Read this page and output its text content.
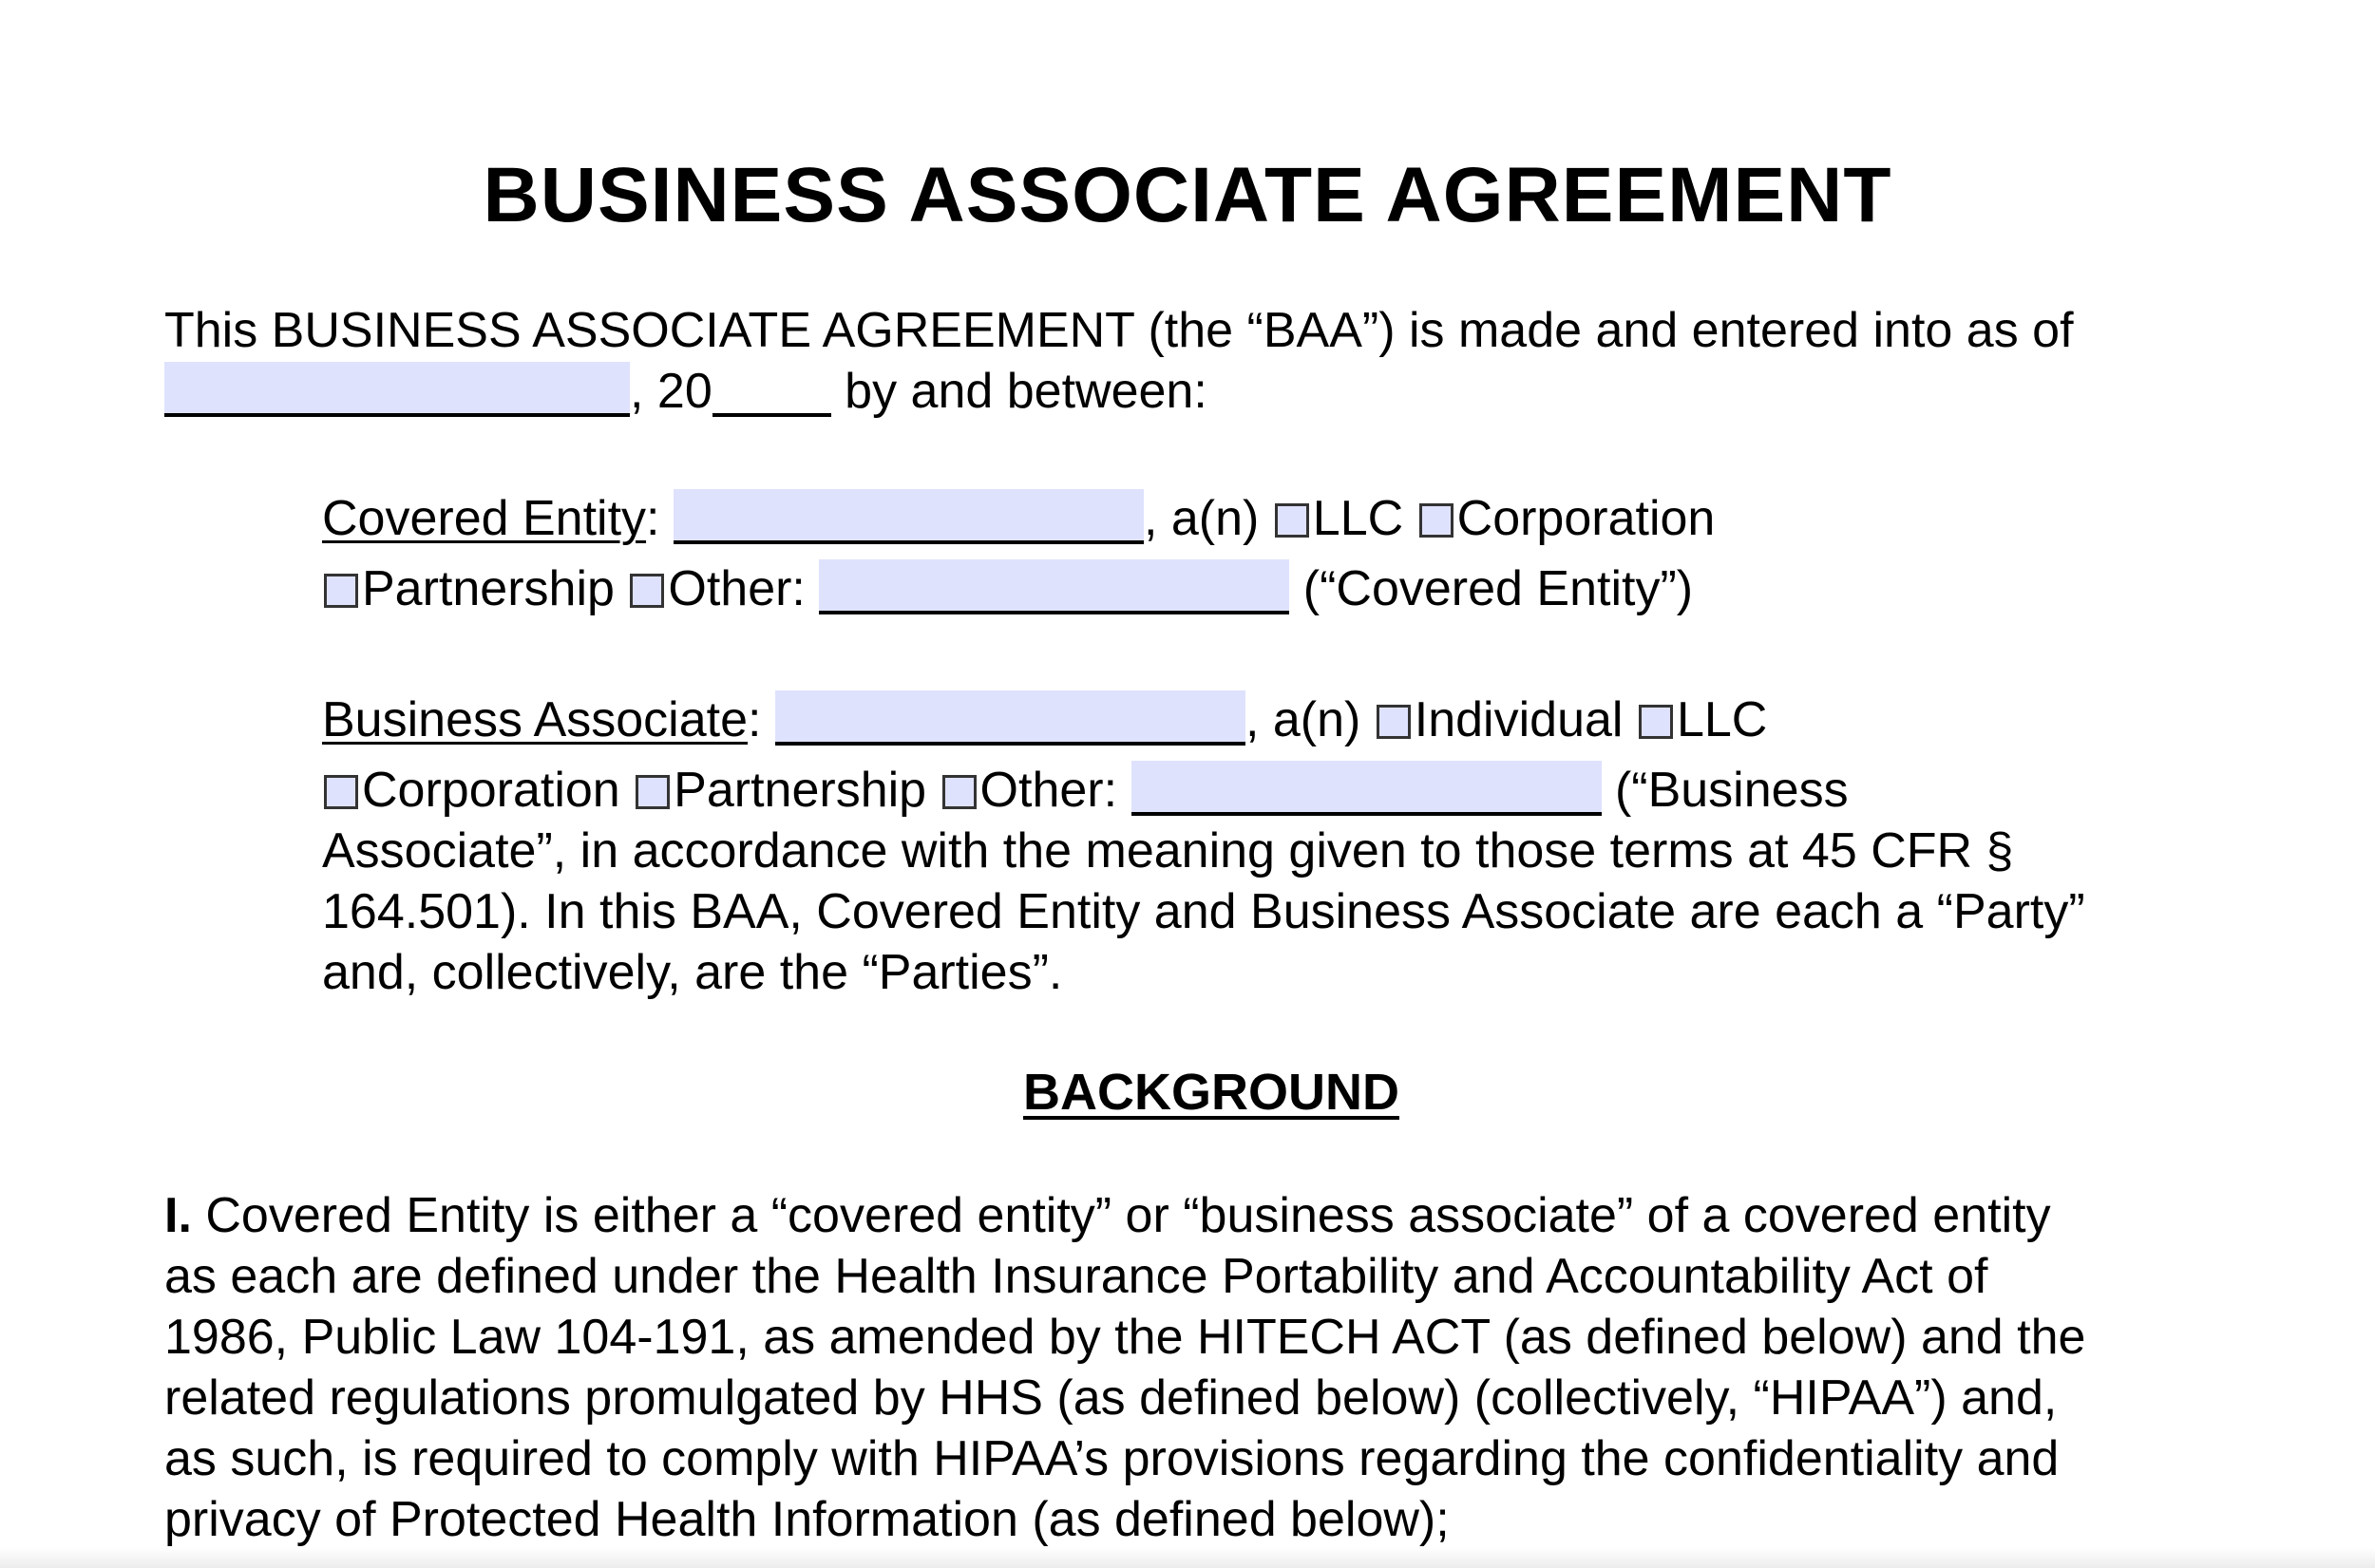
BUSINESS ASSOCIATE AGREEMENT
This BUSINESS ASSOCIATE AGREEMENT (the “BAA”) is made and entered into as of
, 20 by and between:
Covered Entity:	, a(n) LLC Corporation
Partnership Other:	(“Covered Entity”)
Business Associate:	, a(n) Individual LLC
Corporation Partnership Other:	(“Business
Associate”, in accordance with the meaning given to those terms at 45 CFR §
164.501). In this BAA, Covered Entity and Business Associate are each a “Party”
and, collectively, are the “Parties”.
BACKGROUND
I. Covered Entity is either a “covered entity” or “business associate” of a covered entity
as each are defined under the Health Insurance Portability and Accountability Act of
1986, Public Law 104-191, as amended by the HITECH ACT (as defined below) and the
related regulations promulgated by HHS (as defined below) (collectively, “HIPAA”) and,
as such, is required to comply with HIPAA’s provisions regarding the confidentiality and
privacy of Protected Health Information (as defined below);
